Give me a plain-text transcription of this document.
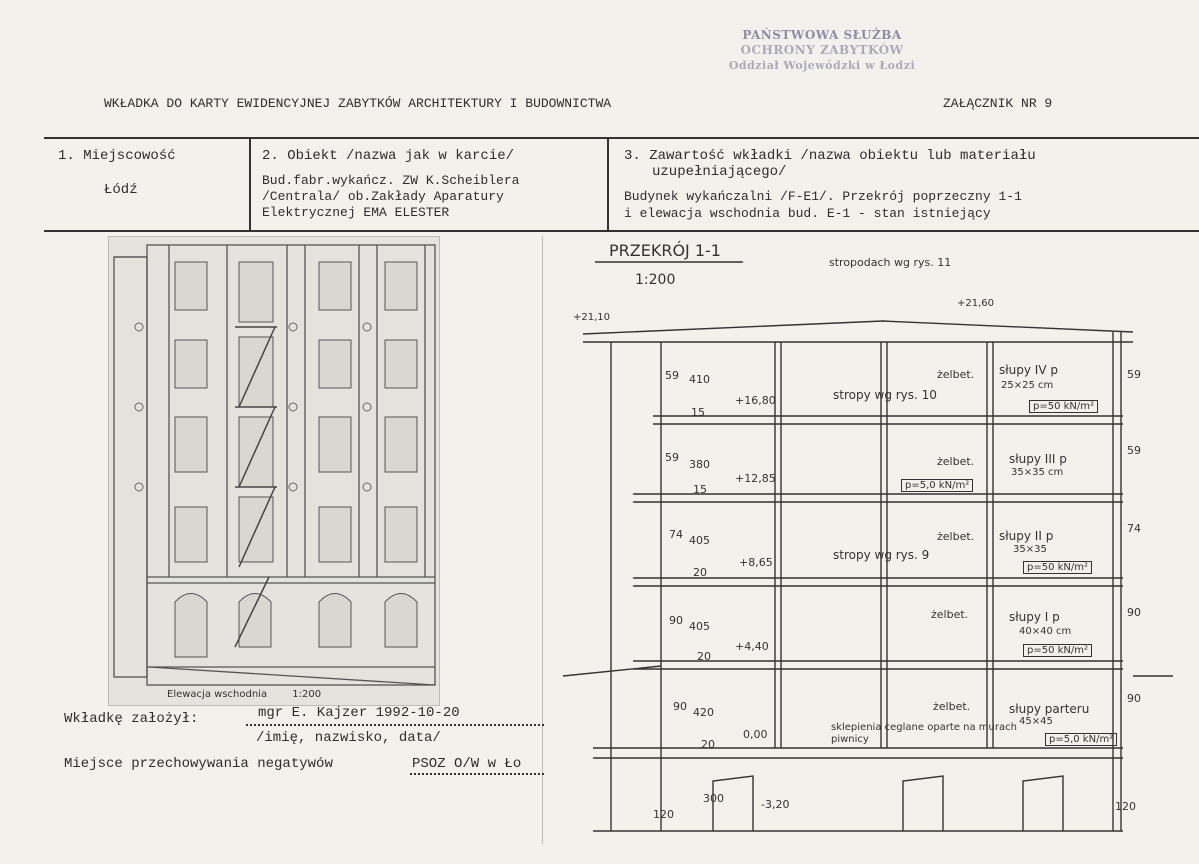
PAŃSTWOWA SŁUŻBA
OCHRONY ZABYTKÓW
Oddział Wojewódzki w Łodzi
WKŁADKA DO KARTY EWIDENCYJNEJ ZABYTKÓW ARCHITEKTURY I BUDOWNICTWA	ZAŁĄCZNIK NR 9
1. Miejscowość
Łódź
2. Obiekt /nazwa jak w karcie/
Bud.fabr.wykańcz. ZW K.Scheiblera
/Centrala/ ob.Zakłady Aparatury
Elektrycznej EMA ELESTER
3. Zawartość wkładki /nazwa obiektu lub materiału
uzupełniającego/
Budynek wykańczalni /F-E1/. Przekrój poprzeczny 1-1
i elewacja wschodnia bud. E-1 - stan istniejący
Elewacja wschodnia	1:200
PRZEKRÓJ 1-1
1:200
stropodach wg rys. 11
+21,10
+21,60
59 410
15
+16,80	stropy wg rys. 10
żelbet. słupy IV p
25×25 cm
p=50 kN/m²
59
59
380
15
+12,85
żelbet.	słupy III p
35×35 cm
p=5,0 kN/m²
59
74 405
20
+8,65
stropy wg rys. 9
żelbet. słupy II p
35×35
p=50 kN/m²
74
90 405
20
+4,40
żelbet.	słupy I p
40×40 cm
p=50 kN/m²
90
90 420
20
0,00
żelbet.	słupy parteru
45×45
p=5,0 kN/m²
sklepienia ceglane oparte na murach piwnicy
90
300	-3,20
120
120
Wkładkę założył:	mgr E. Kajzer 1992-10-20
/imię, nazwisko, data/
Miejsce przechowywania negatywów	PSOZ O/W w Ło
